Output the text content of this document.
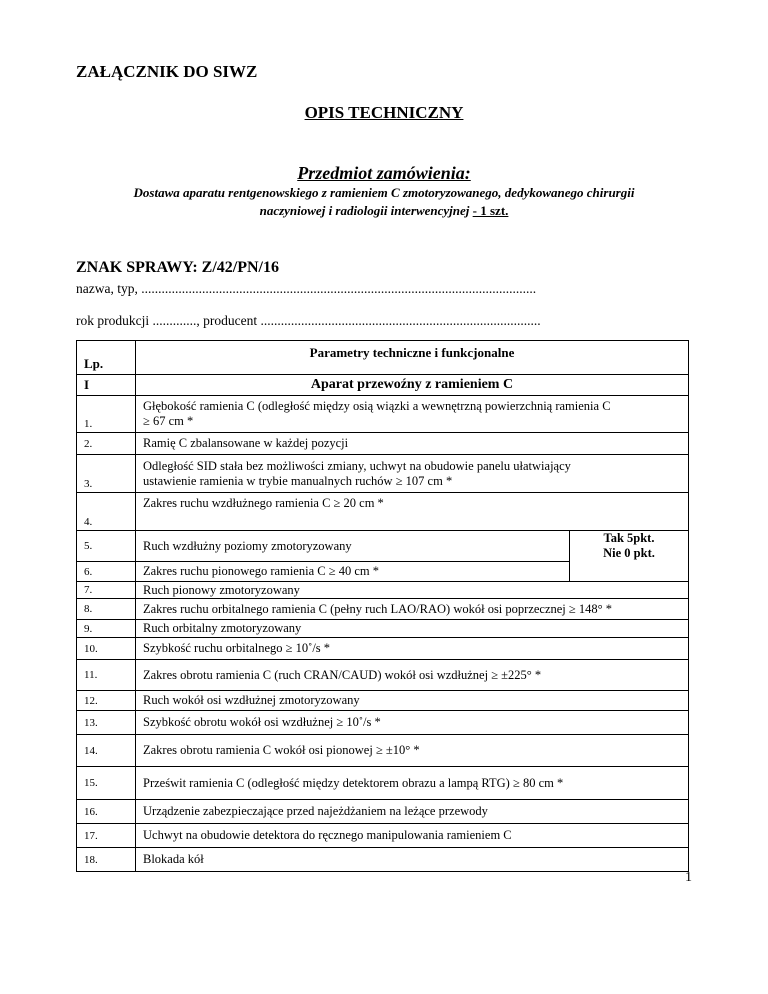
ZAŁĄCZNIK DO SIWZ
OPIS TECHNICZNY
Przedmiot zamówienia:
Dostawa aparatu rentgenowskiego z ramieniem C zmotoryzowanego, dedykowanego chirurgii
naczyniowej i radiologii interwencyjnej - 1 szt.
ZNAK SPRAWY: Z/42/PN/16
nazwa, typ, .....................................................................................................................
rok produkcji ............., producent ...................................................................................
Lp.	Parametry techniczne i funkcjonalne	
I	Aparat przewoźny z ramieniem C	
1.	Głębokość ramienia C (odległość między osią wiązki a wewnętrzną powierzchnią ramienia C
≥ 67 cm *	

2.	Ramię C zbalansowane w każdej pozycji	
3.	Odległość SID stała bez możliwości zmiany, uchwyt na obudowie panelu ułatwiający
ustawienie ramienia w trybie manualnych ruchów ≥ 107 cm *	

4.	Zakres ruchu wzdłużnego ramienia C ≥ 20 cm *	
5.	Ruch wzdłużny poziomy zmotoryzowany	Tak 5pkt.
Nie 0 pkt.

6.	Zakres ruchu pionowego ramienia C ≥ 40 cm *	
7.	Ruch pionowy zmotoryzowany	
8.	Zakres ruchu orbitalnego ramienia C (pełny ruch LAO/RAO) wokół osi poprzecznej ≥ 148° *	
9.	Ruch orbitalny zmotoryzowany	
10.	Szybkość ruchu orbitalnego ≥ 10˚/s *	
11.	Zakres obrotu ramienia C (ruch CRAN/CAUD) wokół osi wzdłużnej ≥ ±225° *	
12.	Ruch wokół osi wzdłużnej zmotoryzowany	
13.	Szybkość obrotu wokół osi wzdłużnej ≥ 10˚/s *	
14.	Zakres obrotu ramienia C wokół osi pionowej ≥ ±10° *	
15.	Prześwit ramienia C (odległość między detektorem obrazu a lampą RTG) ≥ 80 cm *	
16.	Urządzenie zabezpieczające przed najeżdżaniem na leżące przewody	
17.	Uchwyt na obudowie detektora do ręcznego manipulowania ramieniem C	
18.	Blokada kół	
1
